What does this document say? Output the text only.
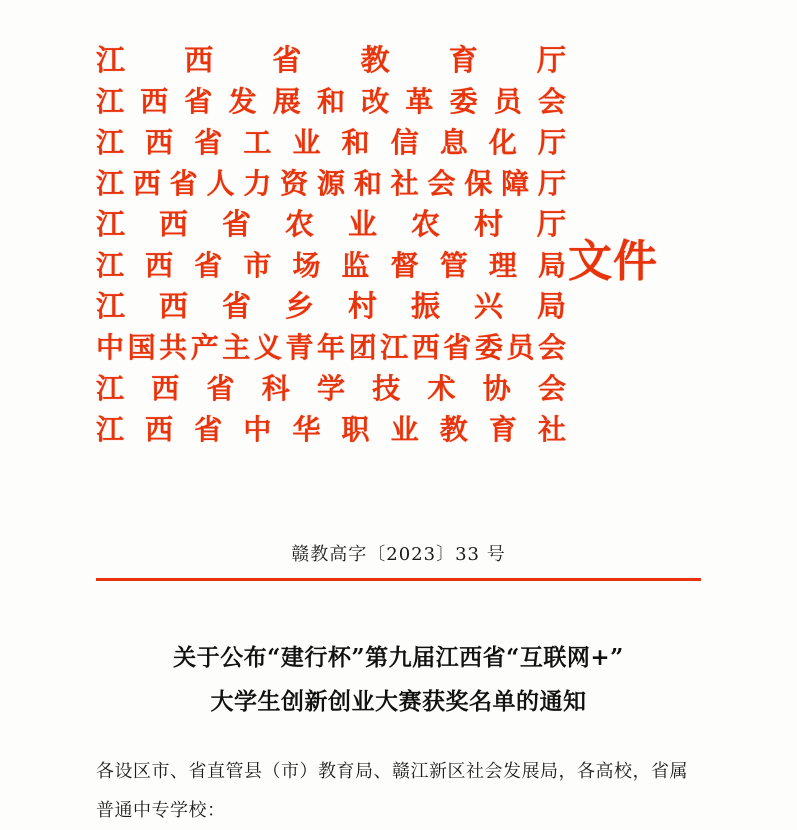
江 西 省 教 育 厅
江西省发展和改革委员会
江西省工业和信息化厅
江西省人力资源和社会保障厅
江 西 省 农 业 农 村 厅
江西省市场监督管理局
江 西 省 乡 村 振 兴 局
中国共产主义青年团江西省委员会
江西省科学技术协会
江西省中华职业教育社
文件
赣教高字〔2023〕33 号
关于公布“建行杯”第九届江西省“互联网+”
大学生创新创业大赛获奖名单的通知

各设区市、省直管县（市）教育局、赣江新区社会发展局，各高校，省属普通中专学校：
